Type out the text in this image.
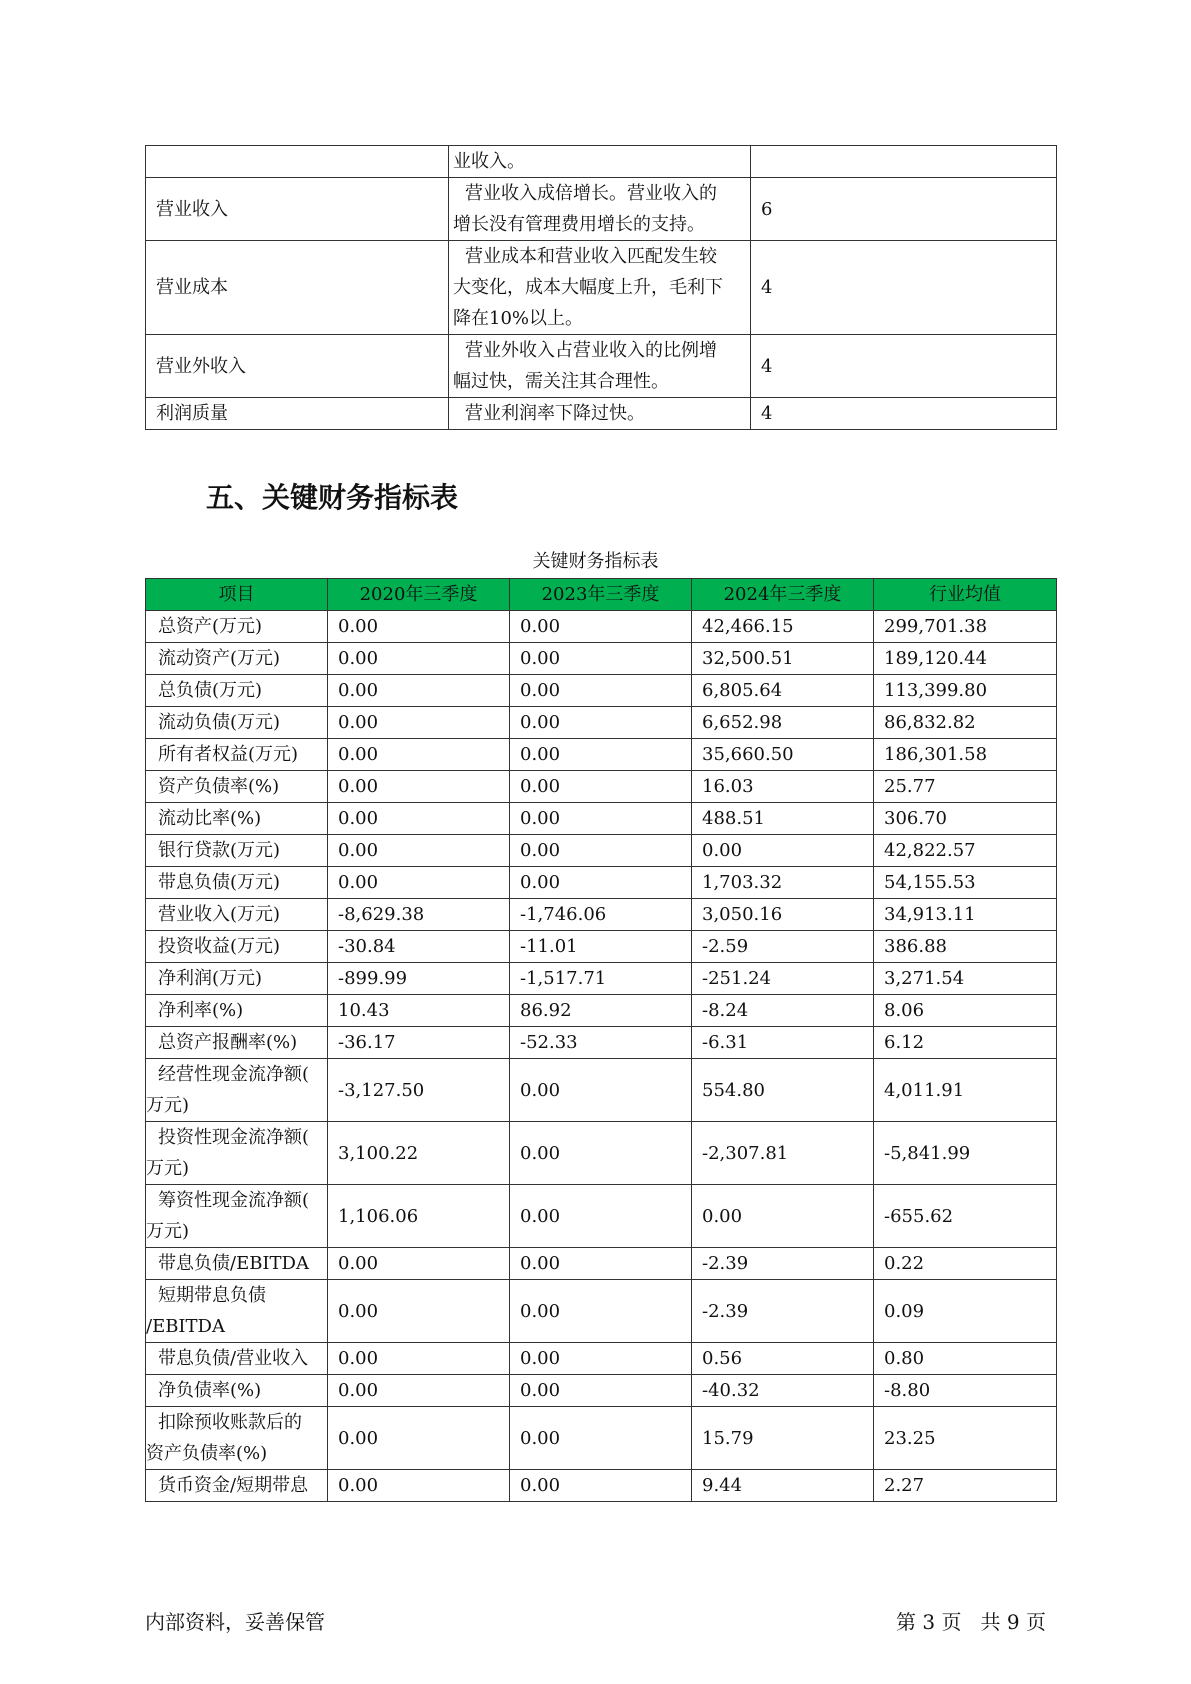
	业收入。	

营业收入	营业收入成倍增长。营业收入的
增长没有管理费用增长的支持。	6
营业成本	营业成本和营业收入匹配发生较
大变化，成本大幅度上升，毛利下
降在10%以上。	4
营业外收入	营业外收入占营业收入的比例增
幅过快，需关注其合理性。	4
利润质量	营业利润率下降过快。	4
五、关键财务指标表
关键财务指标表
项目	2020年三季度	2023年三季度	2024年三季度	行业均值

总资产(万元)	0.00	0.00	42,466.15	299,701.38

流动资产(万元)	0.00	0.00	32,500.51	189,120.44

总负债(万元)	0.00	0.00	6,805.64	113,399.80

流动负债(万元)	0.00	0.00	6,652.98	86,832.82

所有者权益(万元)	0.00	0.00	35,660.50	186,301.58

资产负债率(%)	0.00	0.00	16.03	25.77

流动比率(%)	0.00	0.00	488.51	306.70

银行贷款(万元)	0.00	0.00	0.00	42,822.57

带息负债(万元)	0.00	0.00	1,703.32	54,155.53

营业收入(万元)	-8,629.38	-1,746.06	3,050.16	34,913.11

投资收益(万元)	-30.84	-11.01	-2.59	386.88

净利润(万元)	-899.99	-1,517.71	-251.24	3,271.54

净利率(%)	10.43	86.92	-8.24	8.06

总资产报酬率(%)	-36.17	-52.33	-6.31	6.12

经营性现金流净额(
万元)	-3,127.50	0.00	554.80	4,011.91

投资性现金流净额(
万元)	3,100.22	0.00	-2,307.81	-5,841.99

筹资性现金流净额(
万元)	1,106.06	0.00	0.00	-655.62

带息负债/EBITDA	0.00	0.00	-2.39	0.22

短期带息负债
/EBITDA	0.00	0.00	-2.39	0.09

带息负债/营业收入	0.00	0.00	0.56	0.80

净负债率(%)	0.00	0.00	-40.32	-8.80

扣除预收账款后的
资产负债率(%)	0.00	0.00	15.79	23.25

货币资金/短期带息	0.00	0.00	9.44	2.27
内部资料，妥善保管	第 3 页   共 9 页
